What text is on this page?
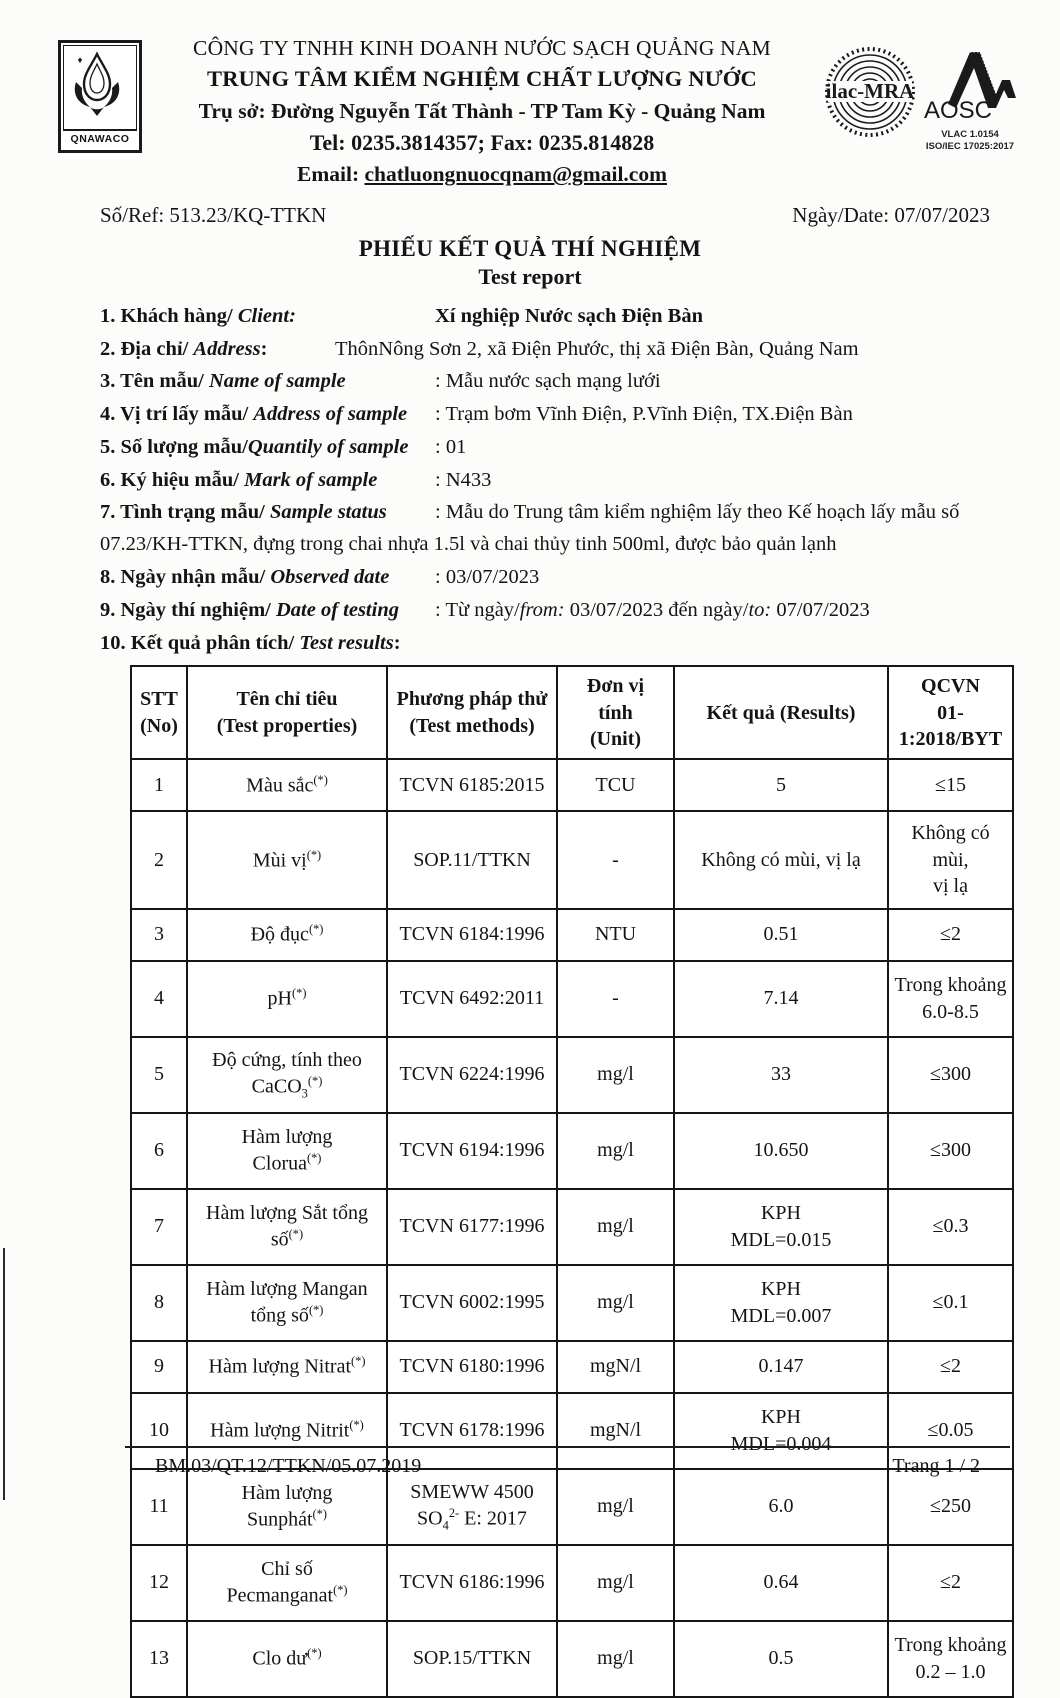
QNAWACO
CÔNG TY TNHH KINH DOANH NƯỚC SẠCH QUẢNG NAM
TRUNG TÂM KIỂM NGHIỆM CHẤT LƯỢNG NƯỚC
Trụ sở: Đường Nguyễn Tất Thành - TP Tam Kỳ - Quảng Nam
Tel: 0235.3814357; Fax: 0235.814828
Email: chatluongnuocqnam@gmail.com
ilac-MRA
AOSC
VLAC 1.0154
ISO/IEC 17025:2017
Số/Ref: 513.23/KQ-TTKN	Ngày/Date: 07/07/2023
PHIẾU KẾT QUẢ THÍ NGHIỆM
Test report
1. Khách hàng/ Client:	Xí nghiệp Nước sạch Điện Bàn
2. Địa chỉ/ Address:	ThônNông Sơn 2, xã Điện Phước, thị xã Điện Bàn, Quảng Nam
3. Tên mẫu/ Name of sample	: Mẫu nước sạch mạng lưới
4. Vị trí lấy mẫu/ Address of sample : Trạm bơm Vĩnh Điện, P.Vĩnh Điện, TX.Điện Bàn
5. Số lượng mẫu/Quantily of sample : 01
6. Ký hiệu mẫu/ Mark of sample	: N433
7. Tình trạng mẫu/ Sample status : Mẫu do Trung tâm kiểm nghiệm lấy theo Kế hoạch lấy mẫu số 07.23/KH-TTKN, đựng trong chai nhựa 1.5l và chai thủy tinh 500ml, được bảo quản lạnh
8. Ngày nhận mẫu/ Observed date : 03/07/2023
9. Ngày thí nghiệm/ Date of testing : Từ ngày/from: 03/07/2023 đến ngày/to: 07/07/2023
10. Kết quả phân tích/ Test results:
STT
(No)	Tên chỉ tiêu
(Test properties)	Phương pháp thử
(Test methods)	Đơn vị
tính
(Unit)	Kết quả (Results)	QCVN
01-
1:2018/BYT
1	Màu sắc(*)	TCVN 6185:2015	TCU	5	≤15
2	Mùi vị(*)	SOP.11/TTKN	-	Không có mùi, vị lạ	Không có mùi,
vị lạ
3	Độ đục(*)	TCVN 6184:1996	NTU	0.51	≤2
4	pH(*)	TCVN 6492:2011	-	7.14	Trong khoảng
6.0-8.5
5	Độ cứng, tính theo
CaCO$_3$(*)	TCVN 6224:1996	mg/l	33	≤300
6	Hàm lượng
Clorua(*)	TCVN 6194:1996	mg/l	10.650	≤300
7	Hàm lượng Sắt tổng
số(*)	TCVN 6177:1996	mg/l	KPH
MDL=0.015	≤0.3
8	Hàm lượng Mangan
tổng số(*)	TCVN 6002:1995	mg/l	KPH
MDL=0.007	≤0.1
9	Hàm lượng Nitrat(*)	TCVN 6180:1996	mgN/l	0.147	≤2
10	Hàm lượng Nitrit(*)	TCVN 6178:1996	mgN/l	KPH
MDL=0.004	≤0.05
11	Hàm lượng
Sunphát(*)	SMEWW 4500
$SO_4^{2-}$ E: 2017	mg/l	6.0	≤250
12	Chỉ số
Pecmanganat(*)	TCVN 6186:1996	mg/l	0.64	≤2
13	Clo dư(*)	SOP.15/TTKN	mg/l	0.5	Trong khoảng
0.2 – 1.0
BM.03/QT.12/TTKN/05.07.2019	Trang 1 / 2
